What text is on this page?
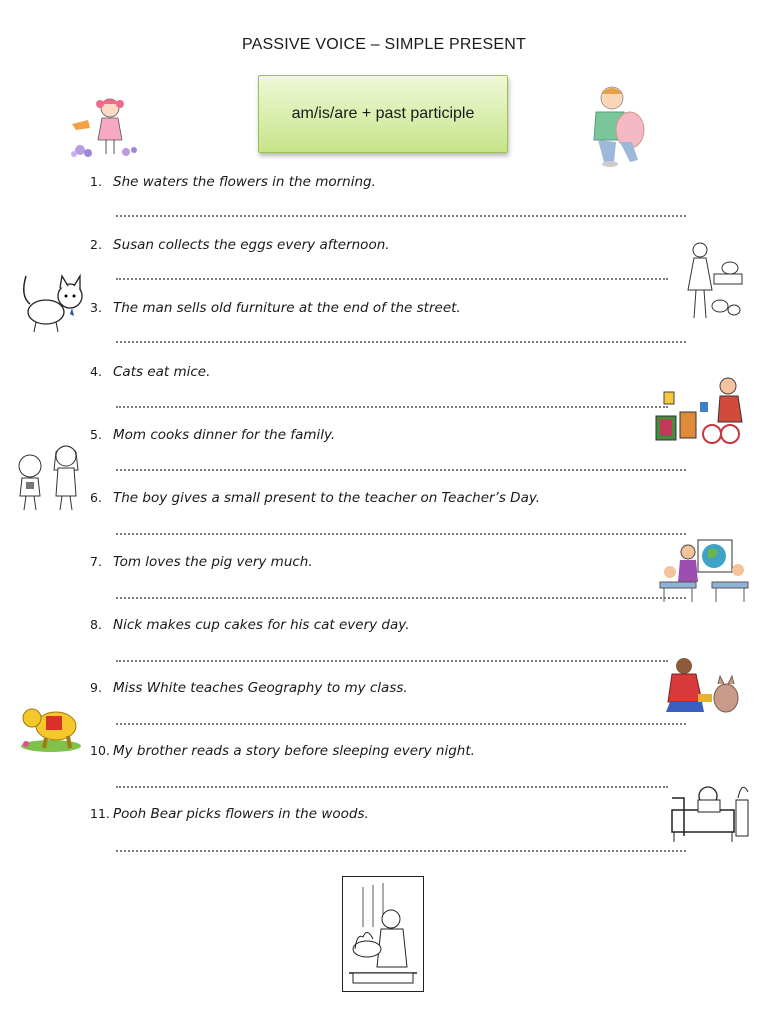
PASSIVE VOICE – SIMPLE PRESENT
am/is/are + past participle
1. She waters the flowers in the morning.
2. Susan collects the eggs every afternoon.
3. The man sells old furniture at the end of the street.
4. Cats eat mice.
5. Mom cooks dinner for the family.
6. The boy gives a small present to the teacher on Teacher’s Day.
7. Tom loves the pig very much.
8. Nick makes cup cakes for his cat every day.
9. Miss White teaches Geography to my class.
10. My brother reads a story before sleeping every night.
11. Pooh Bear picks flowers in the woods.
